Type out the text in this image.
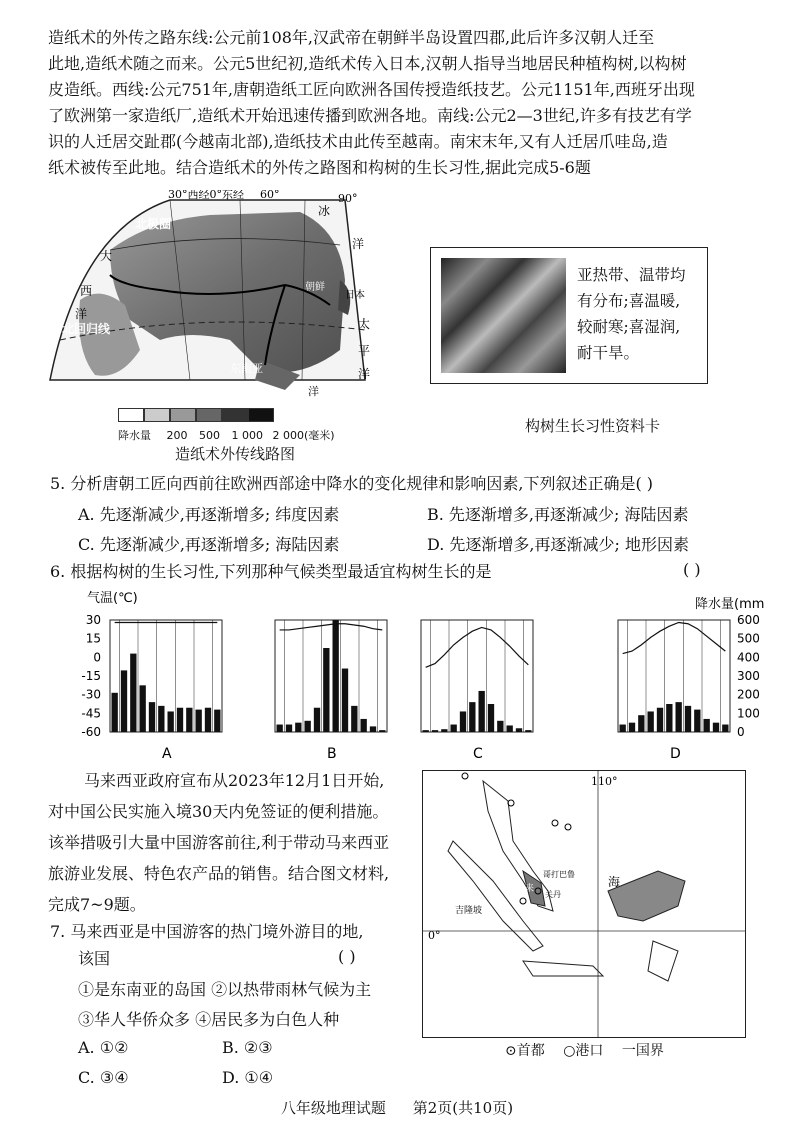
造纸术的外传之路东线:公元前108年,汉武帝在朝鲜半岛设置四郡,此后许多汉朝人迁至

此地,造纸术随之而来。公元5世纪初,造纸术传入日本,汉朝人指导当地居民种植构树,以构树

皮造纸。西线:公元751年,唐朝造纸工匠向欧洲各国传授造纸技艺。公元1151年,西班牙出现

了欧洲第一家造纸厂,造纸术开始迅速传播到欧洲各地。南线:公元2—3世纪,许多有技艺有学

识的人迁居交趾郡(今越南北部),造纸技术由此传至越南。南宋末年,又有人迁居爪哇岛,造

纸术被传至此地。结合造纸术的外传之路图和构树的生长习性,据此完成5-6题

30°西经0°东经 60°	90°
北极圈
冰
洋
大
西
洋
北回归线	太
平
洋
东南亚
朝鲜
日本
洋
降水量 200 500 1 000 2 000(毫米)
造纸术外传线路图
亚热带、温带均
有分布;喜温暖,
较耐寒;喜湿润,
耐干旱。
构树生长习性资料卡
5. 分析唐朝工匠向西前往欧洲西部途中降水的变化规律和影响因素,下列叙述正确是( )
A. 先逐渐减少,再逐渐增多; 纬度因素	B. 先逐渐增多,再逐渐减少; 海陆因素
C. 先逐渐减少,再逐渐增多; 海陆因素	D. 先逐渐增多,再逐渐减少; 地形因素
6. 根据构树的生长习性,下列那种气候类型最适宜构树生长的是	( )
气温(℃)	降水量(mm)
30
15
0
-15
-30
-45
-60
600
500
400
300
200
100
0
A	B	C	D

马来西亚政府宣布从2023年12月1日开始,

对中国公民实施入境30天内免签证的便利措施。

该举措吸引大量中国游客前往,利于带动马来西亚

旅游业发展、特色农产品的销售。结合图文材料,

完成7~9题。

7. 马来西亚是中国游客的热门境外游目的地,
该国	( )
①是东南亚的岛国 ②以热带雨林气候为主
③华人华侨众多 ④居民多为白色人种
A. ①②	B. ②③
C. ③④	D. ①④
110°
0°
海
吉隆坡
哥打巴鲁
关丹
来
⊙首都 ○港口 一国界
八年级地理试题 第2页(共10页)
